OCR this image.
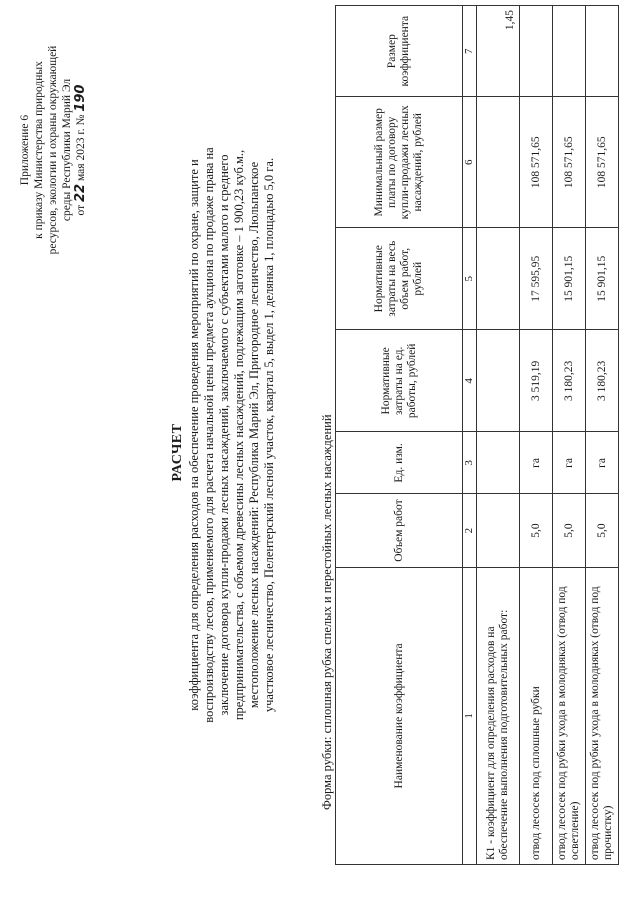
Приложение 6 к приказу Министерства природных ресурсов, экологии и охраны окружающей среды Республики Марий Эл от 22 мая 2023 г. № 190
РАСЧЕТ коэффициента для определения расходов на обеспечение проведения мероприятий по охране, защите и воспроизводству лесов, применяемого для расчета начальной цены предмета аукциона по продаже права на заключение договора купли-продажи лесных насаждений, заключаемого с субъектами малого и среднего предпринимательства, с объемом древесины лесных насаждений, подлежащим заготовке – 1 900,23 куб.м., местоположение лесных насаждений: Республика Марий Эл, Пригородное лесничество, Люльпанское участковое лесничество, Пелентерский лесной участок, квартал 5, выдел 1, делянка 1, площадью 5,0 га.	Форма рубки: сплошная рубка спелых и перестойных лесных насаждений	Наименование коэффициента	Объем работ	Ед. изм.	Нормативные затраты на ед. работы, рублей	Нормативные затраты на весь объем работ, рублей	Минимальный размер платы по договору купли-продажи лесных насаждений, рублей	Размер коэффициента
1	2	3	4	5	6	7
К1 - коэффициент для определения расходов на обеспечение выполнения подготовительных работ:						1,45
отвод лесосек под сплошные рубки	5,0	га	3 519,19	17 595,95	108 571,65	
отвод лесосек под рубки ухода в молодняках (отвод под осветление)	5,0	га	3 180,23	15 901,15	108 571,65	
отвод лесосек под рубки ухода в молодняках (отвод под прочистку)	5,0	га	3 180,23	15 901,15	108 571,65	
